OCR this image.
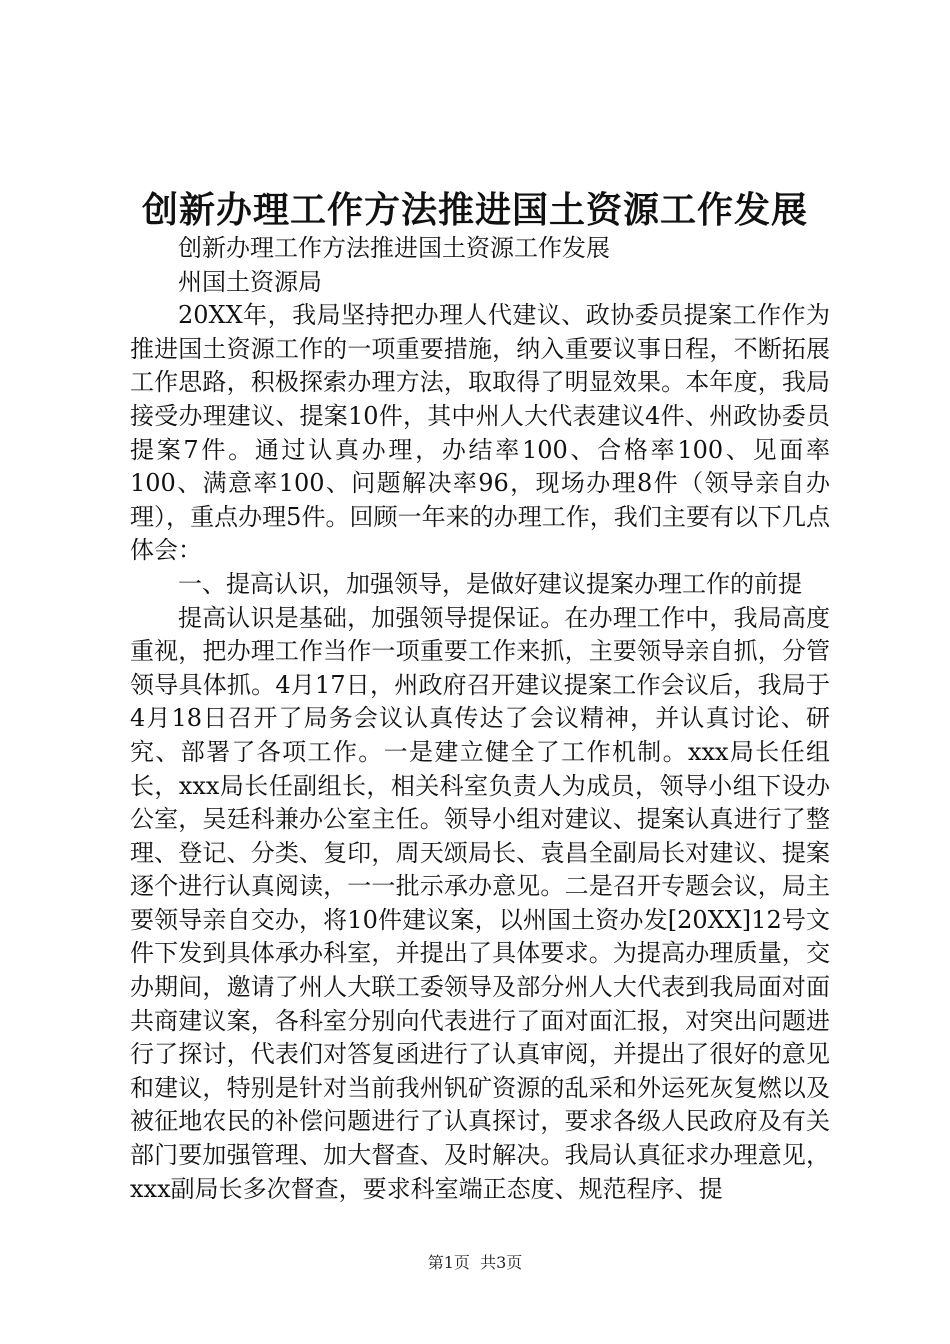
创新办理工作方法推进国土资源工作发展

创新办理工作方法推进国土资源工作发展

州国土资源局

20XX年，我局坚持把办理人代建议、政协委员提案工作作为推进国土资源工作的一项重要措施，纳入重要议事日程，不断拓展工作思路，积极探索办理方法，取取得了明显效果。本年度，我局接受办理建议、提案10件，其中州人大代表建议4件、州政协委员提案7件。通过认真办理，办结率100、合格率100、见面率100、满意率100、问题解决率96，现场办理8件（领导亲自办理），重点办理5件。回顾一年来的办理工作，我们主要有以下几点体会：

一、提高认识，加强领导，是做好建议提案办理工作的前提

提高认识是基础，加强领导提保证。在办理工作中，我局高度重视，把办理工作当作一项重要工作来抓，主要领导亲自抓，分管领导具体抓。4月17日，州政府召开建议提案工作会议后，我局于4月18日召开了局务会议认真传达了会议精神，并认真讨论、研究、部署了各项工作。一是建立健全了工作机制。xxx局长任组长，xxx局长任副组长，相关科室负责人为成员，领导小组下设办公室，吴廷科兼办公室主任。领导小组对建议、提案认真进行了整理、登记、分类、复印，周天颂局长、袁昌全副局长对建议、提案逐个进行认真阅读，一一批示承办意见。二是召开专题会议，局主要领导亲自交办，将10件建议案，以州国土资办发[20XX]12号文件下发到具体承办科室，并提出了具体要求。为提高办理质量，交办期间，邀请了州人大联工委领导及部分州人大代表到我局面对面共商建议案，各科室分别向代表进行了面对面汇报，对突出问题进行了探讨，代表们对答复函进行了认真审阅，并提出了很好的意见和建议，特别是针对当前我州钒矿资源的乱采和外运死灰复燃以及被征地农民的补偿问题进行了认真探讨，要求各级人民政府及有关部门要加强管理、加大督查、及时解决。我局认真征求办理意见，xxx副局长多次督查，要求科室端正态度、规范程序、提

第1页  共3页
